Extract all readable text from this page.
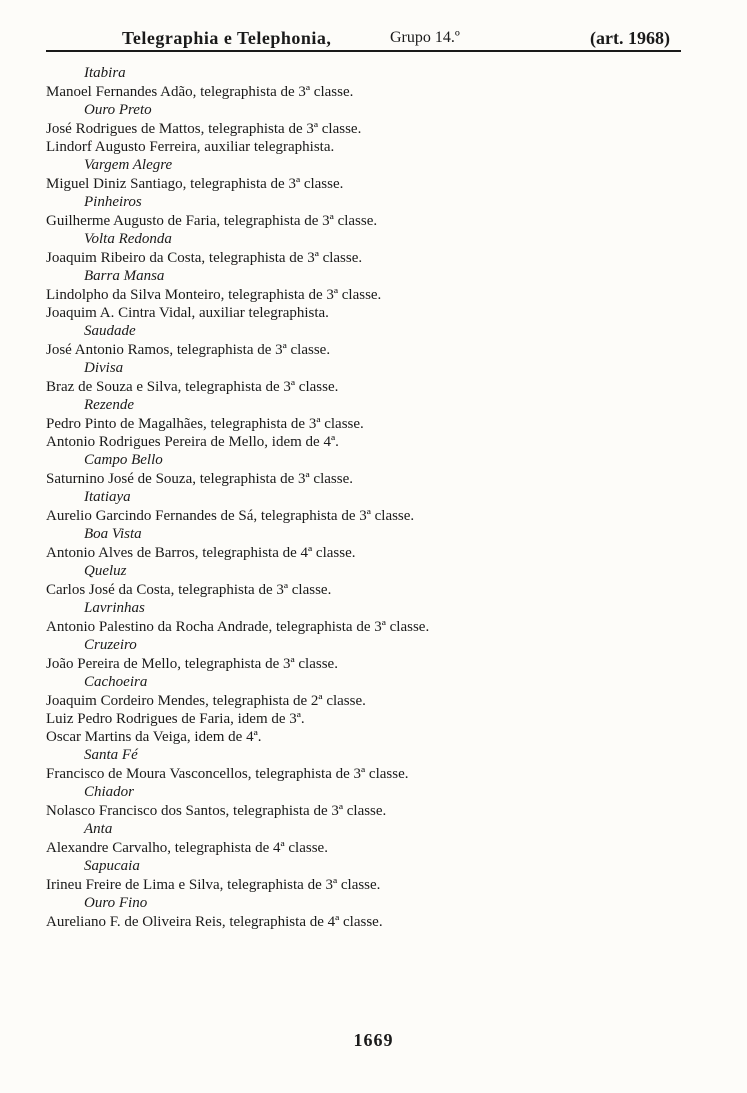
Telegraphia e Telephonia,	Grupo 14.º	(art. 1968)
Itabira
Manoel Fernandes Adão, telegraphista de 3ª classe.
Ouro Preto
José Rodrigues de Mattos, telegraphista de 3ª classe.
Lindorf Augusto Ferreira, auxiliar telegraphista.
Vargem Alegre
Miguel Diniz Santiago, telegraphista de 3ª classe.
Pinheiros
Guilherme Augusto de Faria, telegraphista de 3ª classe.
Volta Redonda
Joaquim Ribeiro da Costa, telegraphista de 3ª classe.
Barra Mansa
Lindolpho da Silva Monteiro, telegraphista de 3ª classe.
Joaquim A. Cintra Vidal, auxiliar telegraphista.
Saudade
José Antonio Ramos, telegraphista de 3ª classe.
Divisa
Braz de Souza e Silva, telegraphista de 3ª classe.
Rezende
Pedro Pinto de Magalhães, telegraphista de 3ª classe.
Antonio Rodrigues Pereira de Mello, idem de 4ª.
Campo Bello
Saturnino José de Souza, telegraphista de 3ª classe.
Itatiaya
Aurelio Garcindo Fernandes de Sá, telegraphista de 3ª classe.
Boa Vista
Antonio Alves de Barros, telegraphista de 4ª classe.
Queluz
Carlos José da Costa, telegraphista de 3ª classe.
Lavrinhas
Antonio Palestino da Rocha Andrade, telegraphista de 3ª classe.
Cruzeiro
João Pereira de Mello, telegraphista de 3ª classe.
Cachoeira
Joaquim Cordeiro Mendes, telegraphista de 2ª classe.
Luiz Pedro Rodrigues de Faria, idem de 3ª.
Oscar Martins da Veiga, idem de 4ª.
Santa Fé
Francisco de Moura Vasconcellos, telegraphista de 3ª classe.
Chiador
Nolasco Francisco dos Santos, telegraphista de 3ª classe.
Anta
Alexandre Carvalho, telegraphista de 4ª classe.
Sapucaia
Irineu Freire de Lima e Silva, telegraphista de 3ª classe.
Ouro Fino
Aureliano F. de Oliveira Reis, telegraphista de 4ª classe.
1669
